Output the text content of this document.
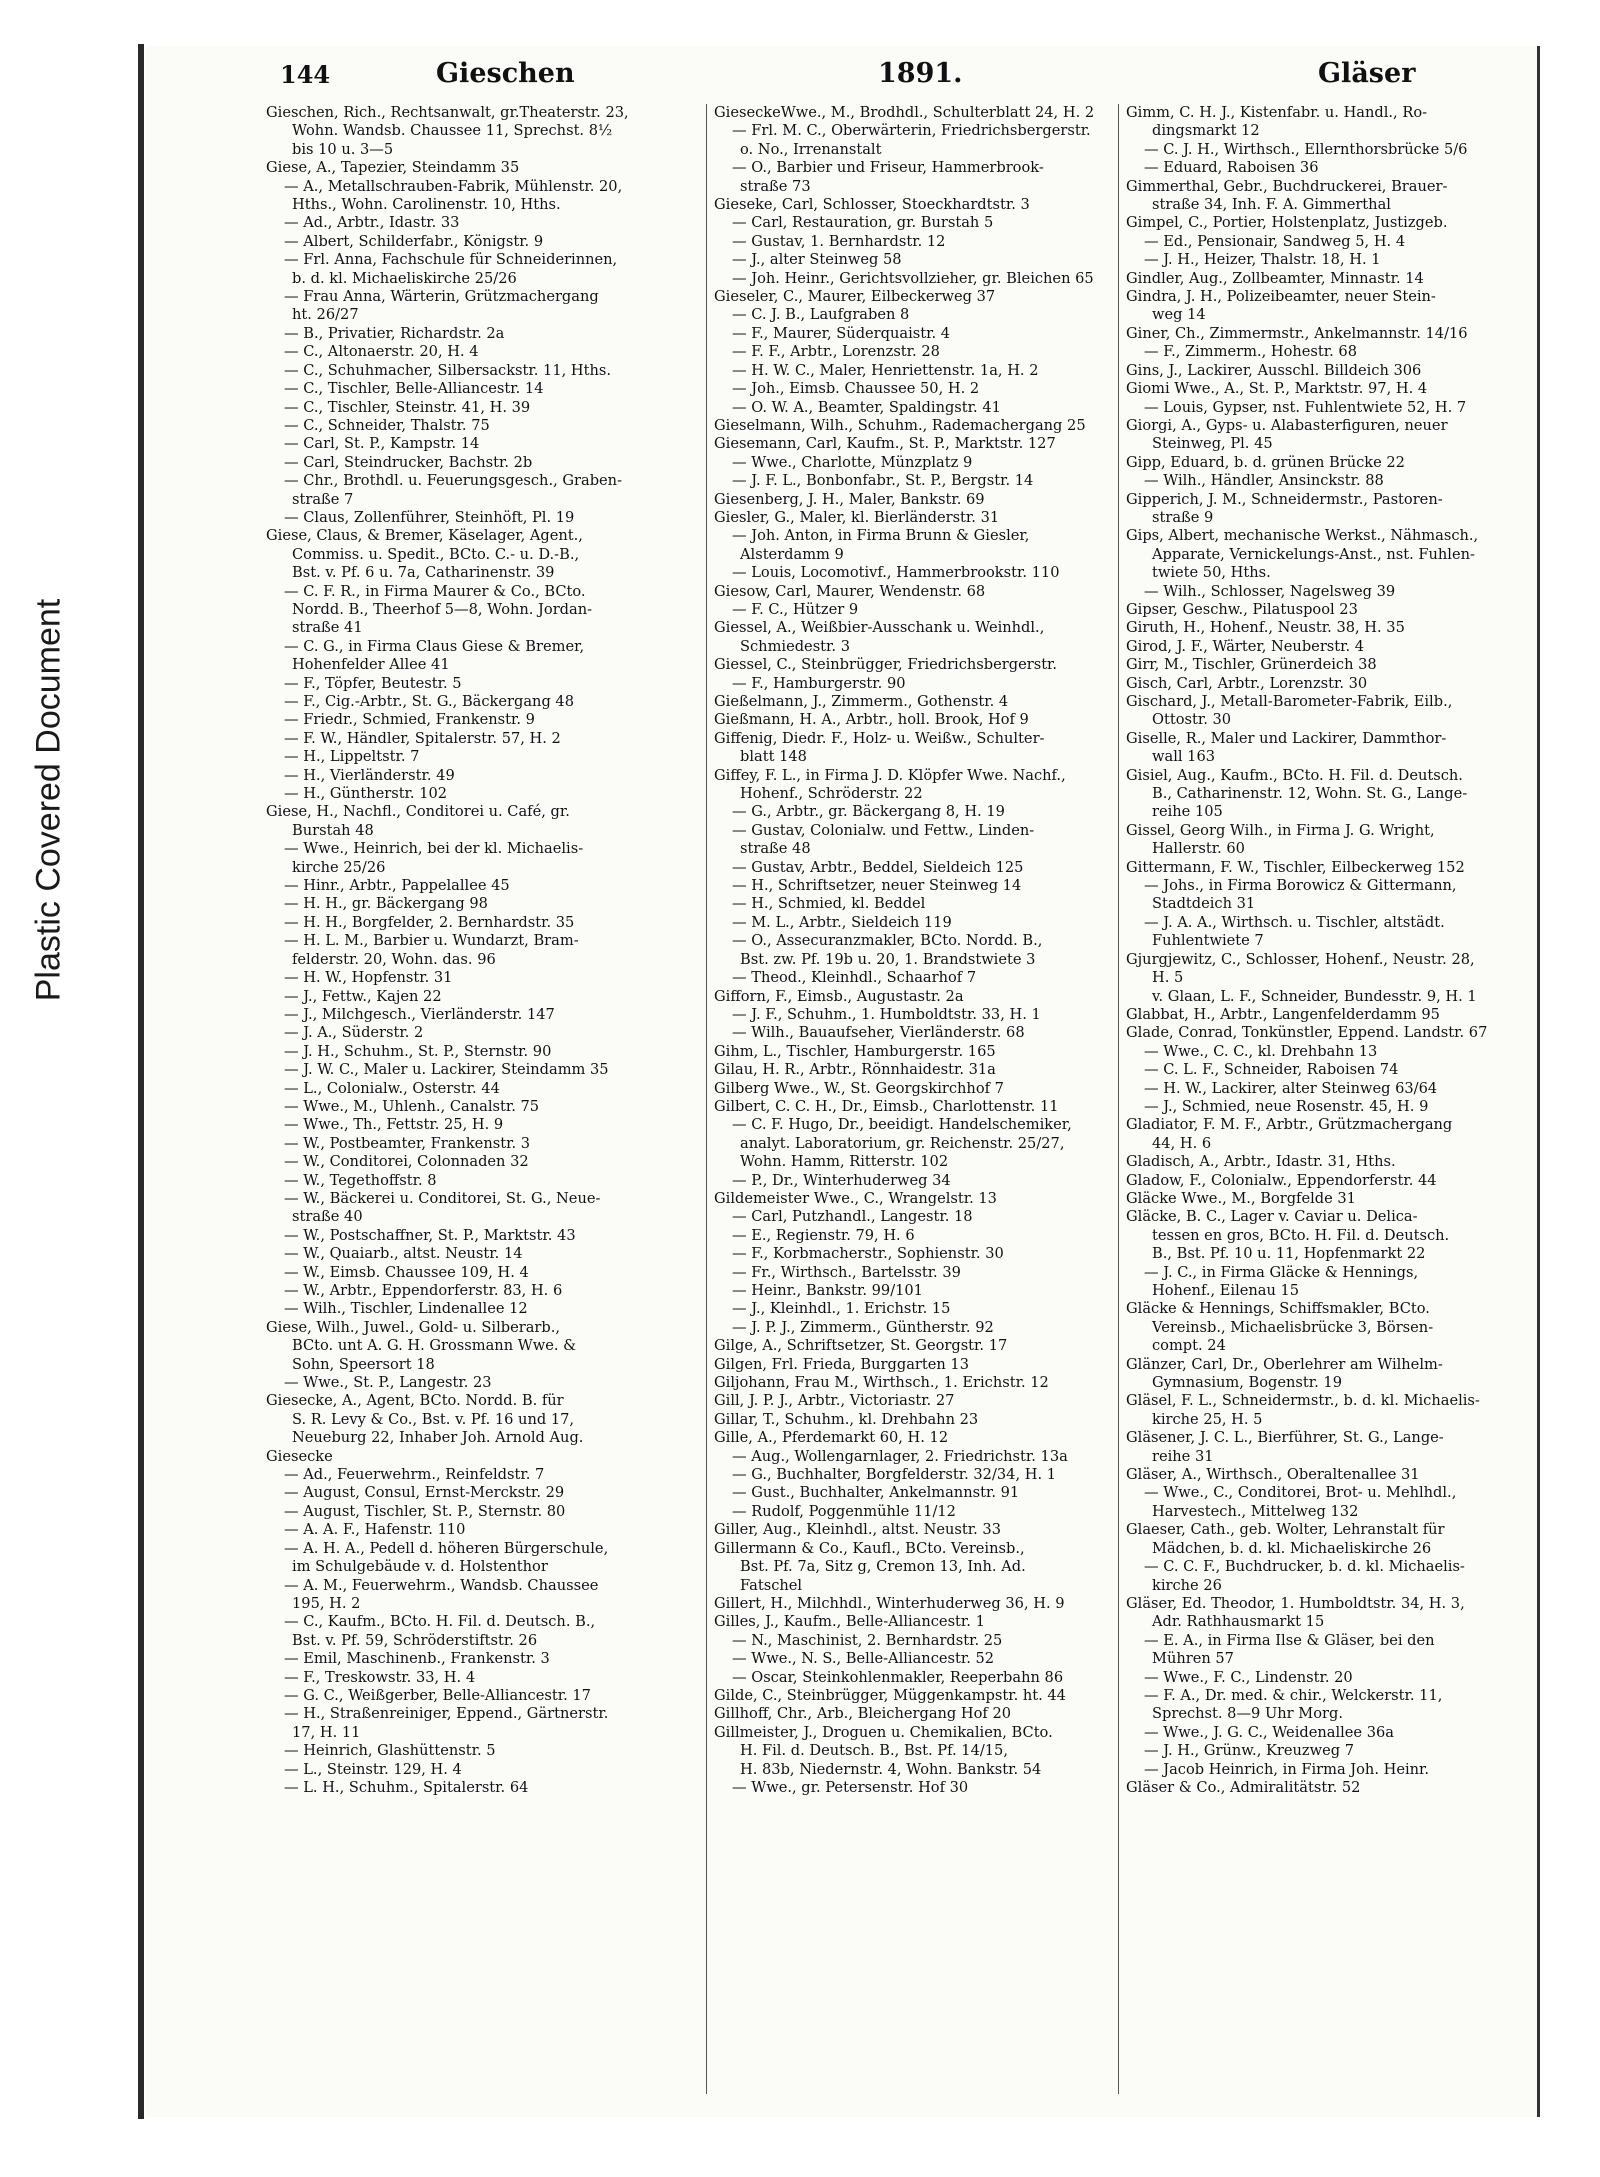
Plastic Covered Document
144	Gieschen	1891.	Gläser
Gieschen, Rich., Rechtsanwalt, gr.Theaterstr. 23,
Wohn. Wandsb. Chaussee 11, Sprechst. 8½
bis 10 u. 3—5
Giese, A., Tapezier, Steindamm 35
— A., Metallschrauben-Fabrik, Mühlenstr. 20,
Hths., Wohn. Carolinenstr. 10, Hths.
— Ad., Arbtr., Idastr. 33
— Albert, Schilderfabr., Königstr. 9
— Frl. Anna, Fachschule für Schneiderinnen,
b. d. kl. Michaeliskirche 25/26
— Frau Anna, Wärterin, Grützmachergang
ht. 26/27
— B., Privatier, Richardstr. 2a
— C., Altonaerstr. 20, H. 4
— C., Schuhmacher, Silbersackstr. 11, Hths.
— C., Tischler, Belle-Alliancestr. 14
— C., Tischler, Steinstr. 41, H. 39
— C., Schneider, Thalstr. 75
— Carl, St. P., Kampstr. 14
— Carl, Steindrucker, Bachstr. 2b
— Chr., Brothdl. u. Feuerungsgesch., Graben-
straße 7
— Claus, Zollenführer, Steinhöft, Pl. 19
Giese, Claus, & Bremer, Käselager, Agent.,
Commiss. u. Spedit., BCto. C.- u. D.-B.,
Bst. v. Pf. 6 u. 7a, Catharinenstr. 39
— C. F. R., in Firma Maurer & Co., BCto.
Nordd. B., Theerhof 5—8, Wohn. Jordan-
straße 41
— C. G., in Firma Claus Giese & Bremer,
Hohenfelder Allee 41
— F., Töpfer, Beutestr. 5
— F., Cig.-Arbtr., St. G., Bäckergang 48
— Friedr., Schmied, Frankenstr. 9
— F. W., Händler, Spitalerstr. 57, H. 2
— H., Lippeltstr. 7
— H., Vierländerstr. 49
— H., Güntherstr. 102
Giese, H., Nachfl., Conditorei u. Café, gr.
Burstah 48
— Wwe., Heinrich, bei der kl. Michaelis-
kirche 25/26
— Hinr., Arbtr., Pappelallee 45
— H. H., gr. Bäckergang 98
— H. H., Borgfelder, 2. Bernhardstr. 35
— H. L. M., Barbier u. Wundarzt, Bram-
felderstr. 20, Wohn. das. 96
— H. W., Hopfenstr. 31
— J., Fettw., Kajen 22
— J., Milchgesch., Vierländerstr. 147
— J. A., Süderstr. 2
— J. H., Schuhm., St. P., Sternstr. 90
— J. W. C., Maler u. Lackirer, Steindamm 35
— L., Colonialw., Osterstr. 44
— Wwe., M., Uhlenh., Canalstr. 75
— Wwe., Th., Fettstr. 25, H. 9
— W., Postbeamter, Frankenstr. 3
— W., Conditorei, Colonnaden 32
— W., Tegethoffstr. 8
— W., Bäckerei u. Conditorei, St. G., Neue-
straße 40
— W., Postschaffner, St. P., Marktstr. 43
— W., Quaiarb., altst. Neustr. 14
— W., Eimsb. Chaussee 109, H. 4
— W., Arbtr., Eppendorferstr. 83, H. 6
— Wilh., Tischler, Lindenallee 12
Giese, Wilh., Juwel., Gold- u. Silberarb.,
BCto. unt A. G. H. Grossmann Wwe. &
Sohn, Speersort 18
— Wwe., St. P., Langestr. 23
Giesecke, A., Agent, BCto. Nordd. B. für
S. R. Levy & Co., Bst. v. Pf. 16 und 17,
Neueburg 22, Inhaber Joh. Arnold Aug.
Giesecke
— Ad., Feuerwehrm., Reinfeldstr. 7
— August, Consul, Ernst-Merckstr. 29
— August, Tischler, St. P., Sternstr. 80
— A. A. F., Hafenstr. 110
— A. H. A., Pedell d. höheren Bürgerschule,
im Schulgebäude v. d. Holstenthor
— A. M., Feuerwehrm., Wandsb. Chaussee
195, H. 2
— C., Kaufm., BCto. H. Fil. d. Deutsch. B.,
Bst. v. Pf. 59, Schröderstiftstr. 26
— Emil, Maschinenb., Frankenstr. 3
— F., Treskowstr. 33, H. 4
— G. C., Weißgerber, Belle-Alliancestr. 17
— H., Straßenreiniger, Eppend., Gärtnerstr.
17, H. 11
— Heinrich, Glashüttenstr. 5
— L., Steinstr. 129, H. 4
— L. H., Schuhm., Spitalerstr. 64
GieseckeWwe., M., Brodhdl., Schulterblatt 24, H. 2
— Frl. M. C., Oberwärterin, Friedrichsbergerstr.
o. No., Irrenanstalt
— O., Barbier und Friseur, Hammerbrook-
straße 73
Gieseke, Carl, Schlosser, Stoeckhardtstr. 3
— Carl, Restauration, gr. Burstah 5
— Gustav, 1. Bernhardstr. 12
— J., alter Steinweg 58
— Joh. Heinr., Gerichtsvollzieher, gr. Bleichen 65
Gieseler, C., Maurer, Eilbeckerweg 37
— C. J. B., Laufgraben 8
— F., Maurer, Süderquaistr. 4
— F. F., Arbtr., Lorenzstr. 28
— H. W. C., Maler, Henriettenstr. 1a, H. 2
— Joh., Eimsb. Chaussee 50, H. 2
— O. W. A., Beamter, Spaldingstr. 41
Gieselmann, Wilh., Schuhm., Rademachergang 25
Giesemann, Carl, Kaufm., St. P., Marktstr. 127
— Wwe., Charlotte, Münzplatz 9
— J. F. L., Bonbonfabr., St. P., Bergstr. 14
Giesenberg, J. H., Maler, Bankstr. 69
Giesler, G., Maler, kl. Bierländerstr. 31
— Joh. Anton, in Firma Brunn & Giesler,
Alsterdamm 9
— Louis, Locomotivf., Hammerbrookstr. 110
Giesow, Carl, Maurer, Wendenstr. 68
— F. C., Hützer 9
Giessel, A., Weißbier-Ausschank u. Weinhdl.,
Schmiedestr. 3
Giessel, C., Steinbrügger, Friedrichsbergerstr.
— F., Hamburgerstr. 90
Gießelmann, J., Zimmerm., Gothenstr. 4
Gießmann, H. A., Arbtr., holl. Brook, Hof 9
Giffenig, Diedr. F., Holz- u. Weißw., Schulter-
blatt 148
Giffey, F. L., in Firma J. D. Klöpfer Wwe. Nachf.,
Hohenf., Schröderstr. 22
— G., Arbtr., gr. Bäckergang 8, H. 19
— Gustav, Colonialw. und Fettw., Linden-
straße 48
— Gustav, Arbtr., Beddel, Sieldeich 125
— H., Schriftsetzer, neuer Steinweg 14
— H., Schmied, kl. Beddel
— M. L., Arbtr., Sieldeich 119
— O., Assecuranzmakler, BCto. Nordd. B.,
Bst. zw. Pf. 19b u. 20, 1. Brandstwiete 3
— Theod., Kleinhdl., Schaarhof 7
Gifforn, F., Eimsb., Augustastr. 2a
— J. F., Schuhm., 1. Humboldtstr. 33, H. 1
— Wilh., Bauaufseher, Vierländerstr. 68
Gihm, L., Tischler, Hamburgerstr. 165
Gilau, H. R., Arbtr., Rönnhaidestr. 31a
Gilberg Wwe., W., St. Georgskirchhof 7
Gilbert, C. C. H., Dr., Eimsb., Charlottenstr. 11
— C. F. Hugo, Dr., beeidigt. Handelschemiker,
analyt. Laboratorium, gr. Reichenstr. 25/27,
Wohn. Hamm, Ritterstr. 102
— P., Dr., Winterhuderweg 34
Gildemeister Wwe., C., Wrangelstr. 13
— Carl, Putzhandl., Langestr. 18
— E., Regienstr. 79, H. 6
— F., Korbmacherstr., Sophienstr. 30
— Fr., Wirthsch., Bartelsstr. 39
— Heinr., Bankstr. 99/101
— J., Kleinhdl., 1. Erichstr. 15
— J. P. J., Zimmerm., Güntherstr. 92
Gilge, A., Schriftsetzer, St. Georgstr. 17
Gilgen, Frl. Frieda, Burggarten 13
Giljohann, Frau M., Wirthsch., 1. Erichstr. 12
Gill, J. P. J., Arbtr., Victoriastr. 27
Gillar, T., Schuhm., kl. Drehbahn 23
Gille, A., Pferdemarkt 60, H. 12
— Aug., Wollengarnlager, 2. Friedrichstr. 13a
— G., Buchhalter, Borgfelderstr. 32/34, H. 1
— Gust., Buchhalter, Ankelmannstr. 91
— Rudolf, Poggenmühle 11/12
Giller, Aug., Kleinhdl., altst. Neustr. 33
Gillermann & Co., Kaufl., BCto. Vereinsb.,
Bst. Pf. 7a, Sitz g, Cremon 13, Inh. Ad.
Fatschel
Gillert, H., Milchhdl., Winterhuderweg 36, H. 9
Gilles, J., Kaufm., Belle-Alliancestr. 1
— N., Maschinist, 2. Bernhardstr. 25
— Wwe., N. S., Belle-Alliancestr. 52
— Oscar, Steinkohlenmakler, Reeperbahn 86
Gilde, C., Steinbrügger, Müggenkampstr. ht. 44
Gillhoff, Chr., Arb., Bleichergang Hof 20
Gillmeister, J., Droguen u. Chemikalien, BCto.
H. Fil. d. Deutsch. B., Bst. Pf. 14/15,
H. 83b, Niedernstr. 4, Wohn. Bankstr. 54
— Wwe., gr. Petersenstr. Hof 30
Gimm, C. H. J., Kistenfabr. u. Handl., Ro-
dingsmarkt 12
— C. J. H., Wirthsch., Ellernthorsbrücke 5/6
— Eduard, Raboisen 36
Gimmerthal, Gebr., Buchdruckerei, Brauer-
straße 34, Inh. F. A. Gimmerthal
Gimpel, C., Portier, Holstenplatz, Justizgeb.
— Ed., Pensionair, Sandweg 5, H. 4
— J. H., Heizer, Thalstr. 18, H. 1
Gindler, Aug., Zollbeamter, Minnastr. 14
Gindra, J. H., Polizeibeamter, neuer Stein-
weg 14
Giner, Ch., Zimmermstr., Ankelmannstr. 14/16
— F., Zimmerm., Hohestr. 68
Gins, J., Lackirer, Ausschl. Billdeich 306
Giomi Wwe., A., St. P., Marktstr. 97, H. 4
— Louis, Gypser, nst. Fuhlentwiete 52, H. 7
Giorgi, A., Gyps- u. Alabasterfiguren, neuer
Steinweg, Pl. 45
Gipp, Eduard, b. d. grünen Brücke 22
— Wilh., Händler, Ansinckstr. 88
Gipperich, J. M., Schneidermstr., Pastoren-
straße 9
Gips, Albert, mechanische Werkst., Nähmasch.,
Apparate, Vernickelungs-Anst., nst. Fuhlen-
twiete 50, Hths.
— Wilh., Schlosser, Nagelsweg 39
Gipser, Geschw., Pilatuspool 23
Giruth, H., Hohenf., Neustr. 38, H. 35
Girod, J. F., Wärter, Neuberstr. 4
Girr, M., Tischler, Grünerdeich 38
Gisch, Carl, Arbtr., Lorenzstr. 30
Gischard, J., Metall-Barometer-Fabrik, Eilb.,
Ottostr. 30
Giselle, R., Maler und Lackirer, Dammthor-
wall 163
Gisiel, Aug., Kaufm., BCto. H. Fil. d. Deutsch.
B., Catharinenstr. 12, Wohn. St. G., Lange-
reihe 105
Gissel, Georg Wilh., in Firma J. G. Wright,
Hallerstr. 60
Gittermann, F. W., Tischler, Eilbeckerweg 152
— Johs., in Firma Borowicz & Gittermann,
Stadtdeich 31
— J. A. A., Wirthsch. u. Tischler, altstädt.
Fuhlentwiete 7
Gjurgjewitz, C., Schlosser, Hohenf., Neustr. 28,
H. 5
v. Glaan, L. F., Schneider, Bundesstr. 9, H. 1
Glabbat, H., Arbtr., Langenfelderdamm 95
Glade, Conrad, Tonkünstler, Eppend. Landstr. 67
— Wwe., C. C., kl. Drehbahn 13
— C. L. F., Schneider, Raboisen 74
— H. W., Lackirer, alter Steinweg 63/64
— J., Schmied, neue Rosenstr. 45, H. 9
Gladiator, F. M. F., Arbtr., Grützmachergang
44, H. 6
Gladisch, A., Arbtr., Idastr. 31, Hths.
Gladow, F., Colonialw., Eppendorferstr. 44
Gläcke Wwe., M., Borgfelde 31
Gläcke, B. C., Lager v. Caviar u. Delica-
tessen en gros, BCto. H. Fil. d. Deutsch.
B., Bst. Pf. 10 u. 11, Hopfenmarkt 22
— J. C., in Firma Gläcke & Hennings,
Hohenf., Eilenau 15
Gläcke & Hennings, Schiffsmakler, BCto.
Vereinsb., Michaelisbrücke 3, Börsen-
compt. 24
Glänzer, Carl, Dr., Oberlehrer am Wilhelm-
Gymnasium, Bogenstr. 19
Gläsel, F. L., Schneidermstr., b. d. kl. Michaelis-
kirche 25, H. 5
Gläsener, J. C. L., Bierführer, St. G., Lange-
reihe 31
Gläser, A., Wirthsch., Oberaltenallee 31
— Wwe., C., Conditorei, Brot- u. Mehlhdl.,
Harvestech., Mittelweg 132
Glaeser, Cath., geb. Wolter, Lehranstalt für
Mädchen, b. d. kl. Michaeliskirche 26
— C. C. F., Buchdrucker, b. d. kl. Michaelis-
kirche 26
Gläser, Ed. Theodor, 1. Humboldtstr. 34, H. 3,
Adr. Rathhausmarkt 15
— E. A., in Firma Ilse & Gläser, bei den
Mühren 57
— Wwe., F. C., Lindenstr. 20
— F. A., Dr. med. & chir., Welckerstr. 11,
Sprechst. 8—9 Uhr Morg.
— Wwe., J. G. C., Weidenallee 36a
— J. H., Grünw., Kreuzweg 7
— Jacob Heinrich, in Firma Joh. Heinr.
Gläser & Co., Admiralitätstr. 52
